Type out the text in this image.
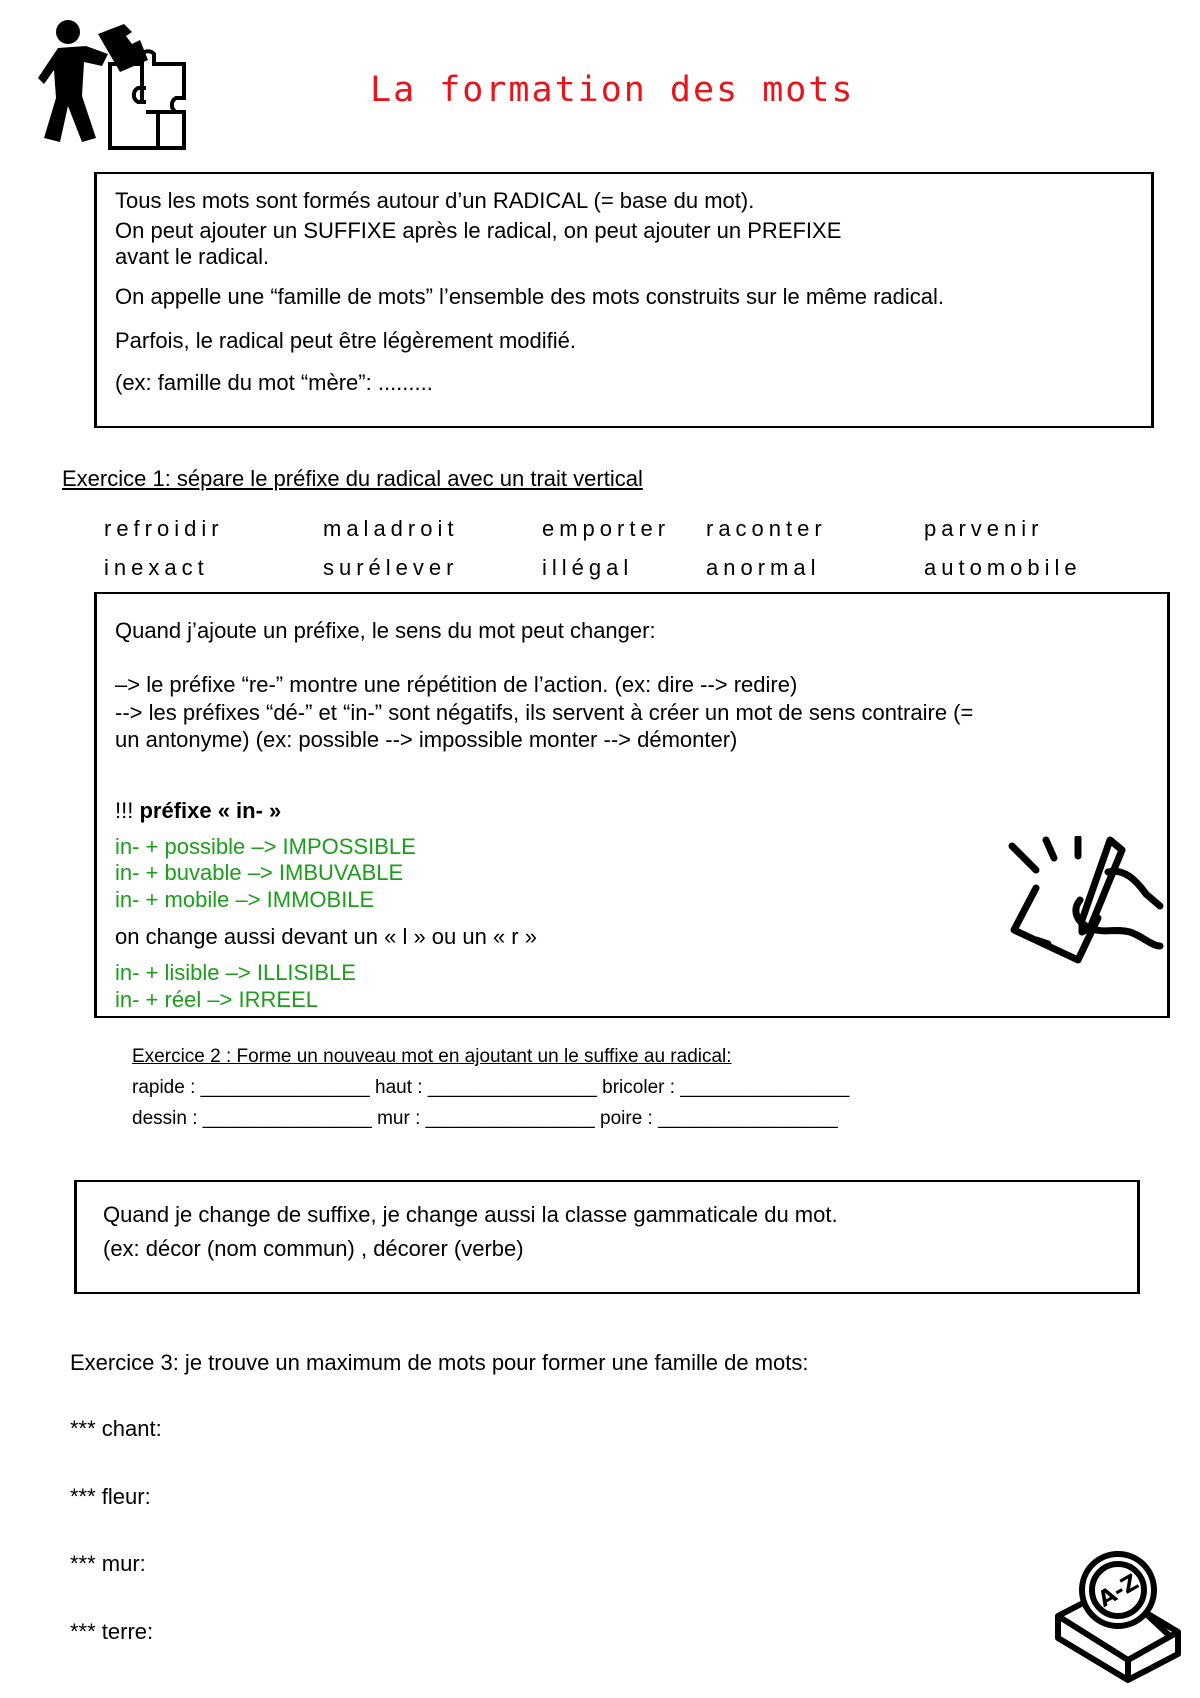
La formation des mots
Tous les mots sont formés autour d’un RADICAL (= base du mot).
On peut ajouter un SUFFIXE après le radical, on peut ajouter un PREFIXE
avant le radical.
On appelle une “famille de mots” l’ensemble des mots construits sur le même radical.
Parfois, le radical peut être légèrement modifié.
(ex: famille du mot “mère”: .........
Exercice 1: sépare le préfixe du radical avec un trait vertical
refroidir	maladroit	emporter raconter	parvenir
inexact	surélever	illégal	anormal	automobile
Quand j’ajoute un préfixe, le sens du mot peut changer:
–> le préfixe “re-” montre une répétition de l’action. (ex: dire --> redire)
--> les préfixes “dé-” et “in-” sont négatifs, ils servent à créer un mot de sens contraire (=
un antonyme) (ex: possible --> impossible monter --> démonter)
!!! préfixe « in- »
in- + possible –> IMPOSSIBLE
in- + buvable –> IMBUVABLE
in- + mobile –> IMMOBILE
on change aussi devant un « l » ou un « r »
in- + lisible –> ILLISIBLE
in- + réel –> IRREEL
Exercice 2 : Forme un nouveau mot en ajoutant un le suffixe au radical:
rapide : ________________ haut : ________________ bricoler : ________________
dessin : ________________ mur : ________________ poire : _________________
Quand je change de suffixe, je change aussi la classe gammaticale du mot.
(ex: décor (nom commun) , décorer (verbe)
Exercice 3: je trouve un maximum de mots pour former une famille de mots:
*** chant:
*** fleur:
*** mur:
*** terre:
A-Z
